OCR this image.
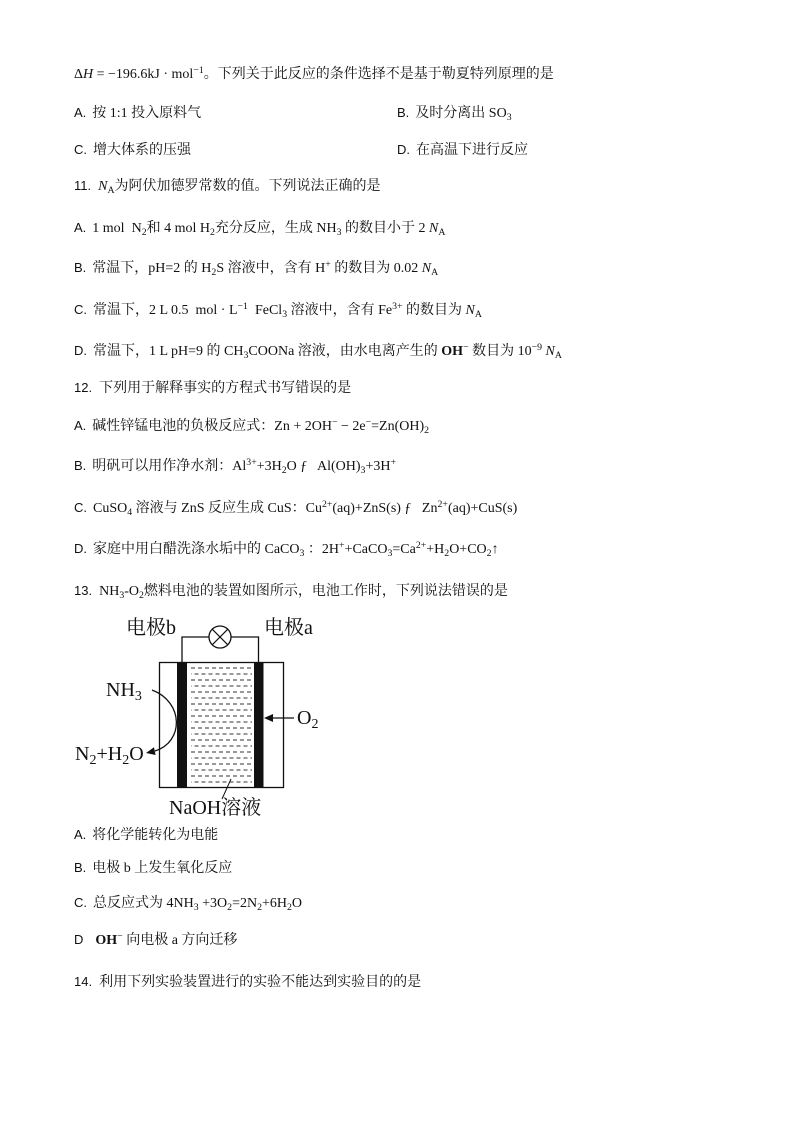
ΔH = −196.6kJ · mol$^{-1}$。下列关于此反应的条件选择不是基于勒夏特列原理的是
A. 按 1:1 投入原料气	B. 及时分离出 $SO_3$
C. 增大体系的压强	D. 在高温下进行反应
11. $N_A$为阿伏加德罗常数的值。下列说法正确的是
A. 1 mol  $N_2$和 4 mol $H_2$充分反应，生成 $NH_3$ 的数目小于 2 $N_A$
B. 常温下，pH=2 的 $H_2S$ 溶液中，含有 H+ 的数目为 0.02 $N_A$
C. 常温下，2 L 0.5  mol · $L^{-1}$  FeCl$_3$ 溶液中，含有 $Fe^{3+}$ 的数目为 $N_A$
D. 常温下，1 L pH=9 的 $CH_3COONa$ 溶液，由水电离产生的 OH− 数目为 $10^{-9}$ $N_A$
12. 下列用于解释事实的方程式书写错误的是
A. 碱性锌锰电池的负极反应式：$Zn + 2OH^- - 2e^-=Zn(OH)_2$
B. 明矾可以用作净水剂：$Al^{3+}+3H_2O$ ƒ   $Al(OH)_3+3H^+$
C. CuSO$_4$ 溶液与 ZnS 反应生成 CuS：$Cu^{2+}(aq)+ZnS(s)$ ƒ   $Zn^{2+}(aq)+CuS(s)$
D. 家庭中用白醋洗涤水垢中的 CaCO$_3$ ：$2H^++CaCO_3=Ca^{2+}+H_2O+CO_2↑$
13. $NH_3-O_2$燃料电池的装置如图所示，电池工作时，下列说法错误的是
电极b	电极a
$NH_3$
$N_2+H_2O$
$O_2$
NaOH溶液
A. 将化学能转化为电能
B. 电极 b 上发生氧化反应
C. 总反应式为 $4NH_3 +3O_2=2N_2+6H_2O$
D OH− 向电极 a 方向迁移
14. 利用下列实验装置进行的实验不能达到实验目的的是
